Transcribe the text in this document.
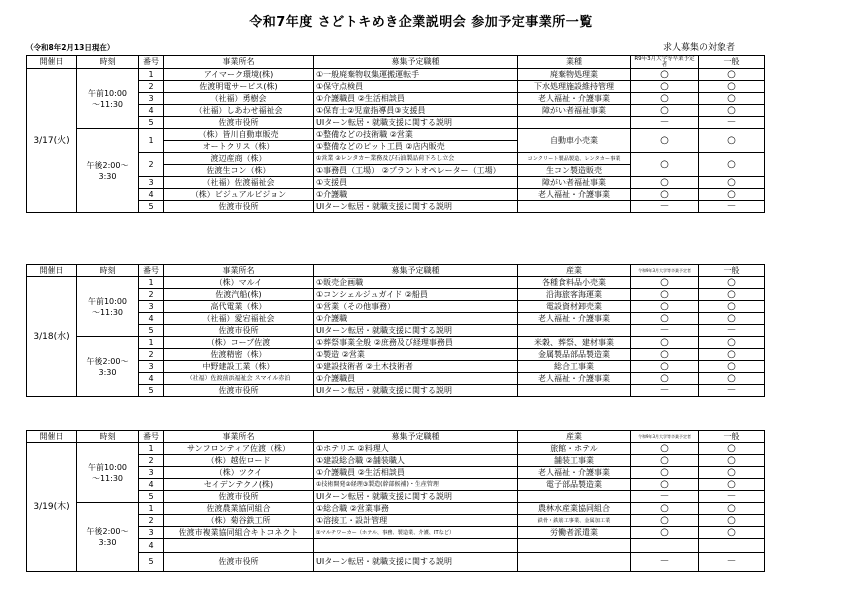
令和7年度 さどトキめき企業説明会 参加予定事業所一覧
（令和8年2月13日現在）	求人募集の対象者
開催日	時刻	番号	事業所名	募集予定職種	業種	R9年3月大学等卒業予定者	一般
3/17(火)	午前10:00
～11:30	1	アイマーク環境(株)	①一般廃棄物収集運搬運転手	廃棄物処理業	○	○
		2	佐渡明電サービス(株)	①保守点検員	下水処理施設維持管理	○	○
		3	（社福）勇樹会	①介護職員 ②生活相談員	老人福祉・介護事業	○	○
		4	（社福）しあわせ福祉会	①保育士②児童指導員③支援員	障がい者福祉事業	○	○
		5	佐渡市役所	UIターン転居・就職支援に関する説明		－	－

	午後2:00～
3:30	1	（株）皆川自動車販売	①整備などの技術職 ②営業	自動車小売業	○	○
			オートクリス（株）	①整備などのピット工員 ②店内販売			
		2	渡辺産商（株）	①営業 ②レンタカー業務及び石油製品荷下ろし立会	コンクリート製品製造、レンタカー事業	○	○
			佐渡生コン（株）	①事務員（工場） ②プラントオペレーター（工場）	生コン製造販売		
		3	（社福）佐渡福祉会	①支援員	障がい者福祉事業	○	○
		4	（株）ビジュアルビジョン	①介護職	老人福祉・介護事業	○	○
		5	佐渡市役所	UIターン転居・就職支援に関する説明		－	－
開催日	時刻	番号	事業所名	募集予定職種	産業	令和9年3月大学等卒業予定者	一般
3/18(水)	午前10:00
～11:30	1	（株）マルイ	①販売企画職	各種食料品小売業	○	○
		2	佐渡汽船(株)	①コンシェルジュガイド ②船員	沿海旅客海運業	○	○
		3	高代電業（株）	①営業（その他事務）	電設資材卸売業	○	○
		4	（社福）愛宕福祉会	①介護職	老人福祉・介護事業	○	○
		5	佐渡市役所	UIターン転居・就職支援に関する説明		－	－

	午後2:00～
3:30	1	（株）コープ佐渡	①葬祭事業全般 ②庶務及び経理事務員	米穀、葬祭、建材事業	○	○
		2	佐渡精密（株）	①製造 ②営業	金属製品部品製造業	○	○
		3	中野建設工業（株）	①建設技術者 ②土木技術者	総合工事業	○	○
		4	（社福）佐渡前浜福祉会 スマイル赤泊	①介護職員	老人福祉・介護事業	○	○
		5	佐渡市役所	UIターン転居・就職支援に関する説明		－	－
開催日	時刻	番号	事業所名	募集予定職種	産業	令和9年3月大学等卒業予定者	一般
3/19(木)	午前10:00
～11:30	1	サンフロンティア佐渡（株）	①ホテリエ ②料理人	旅館・ホテル	○	○
		2	（株）越佐ロード	①建設総合職 ②舗装職人	舗装工事業	○	○
		3	（株）ツクイ	①介護職員 ②生活相談員	老人福祉・介護事業	○	○
		4	セイデンテクノ(株)	①技術開発②経理③製造(幹部候補)・生産管理	電子部品製造業	○	○
		5	佐渡市役所	UIターン転居・就職支援に関する説明		－	－

	午後2:00～
3:30	1	佐渡農業協同組合	①総合職 ②営業事務	農林水産業協同組合	○	○
		2	（株）菊谷鉄工所	①溶接工・設計管理	鉄骨・鉄筋工事業、金属加工業	○	○
		3	佐渡市複業協同組合キトコネクト	①マルチワーカー（ホテル、事務、製造業、介護、ITなど）	労働者派遣業	○	○
		4					
		5	佐渡市役所	UIターン転居・就職支援に関する説明		－	－
